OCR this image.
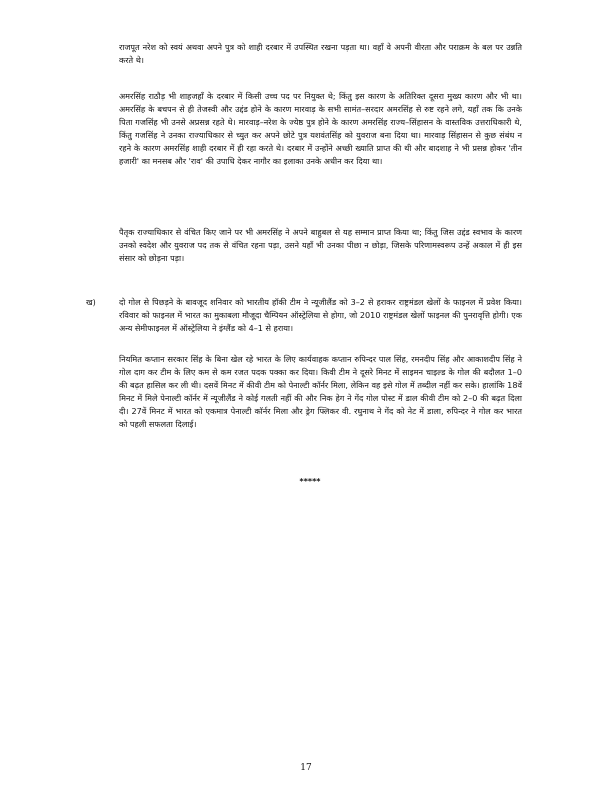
राजपूत नरेश को स्वयं अथवा अपने पुत्र को शाही दरबार में उपस्थित रखना पड़ता था। वहाँ वे अपनी वीरता और पराक्रम के बल पर उन्नति करते थे।

अमरसिंह राठौड़ भी शाहजहाँ के दरबार में किसी उच्च पद पर नियुक्त थे; किंतु इस कारण के अतिरिक्त दूसरा मुख्य कारण और भी था। अमरसिंह के बचपन से ही तेजस्वी और उद्दंड होने के कारण मारवाड़ के सभी सामंत–सरदार अमरसिंह से रुष्ट रहने लगे, यहाँ तक कि उनके पिता गजसिंह भी उनसे अप्रसन्न रहते थे। मारवाड़–नरेश के ज्येष्ठ पुत्र होने के कारण अमरसिंह राज्य–सिंहासन के वास्तविक उत्तराधिकारी थे, किंतु गजसिंह ने उनका राज्याधिकार से च्युत कर अपने छोटे पुत्र यशवंतसिंह को युवराज बना दिया था। मारवाड़ सिंहासन से कुछ संबंध न रहने के कारण अमरसिंह शाही दरबार में ही रहा करते थे। दरबार में उन्होंने अच्छी ख्याति प्राप्त की थी और बादशाह ने भी प्रसन्न होकर 'तीन हजारी' का मनसब और 'राव' की उपाधि देकर नागौर का इलाका उनके अधीन कर दिया था।

पैतृक राज्याधिकार से वंचित किए जाने पर भी अमरसिंह ने अपने बाहुबल से यह सम्मान प्राप्त किया था; किंतु जिस उद्दंड स्वभाव के कारण उनको स्वदेश और युवराज पद तक से वंचित रहना पड़ा, उसने यहाँ भी उनका पीछा न छोड़ा, जिसके परिणामस्वरूप उन्हें अकाल में ही इस संसार को छोड़ना पड़ा।

ख)	दो गोल से पिछड़ने के बावजूद शनिवार को भारतीय हॉकी टीम ने न्यूजीलैंड को 3–2 से हराकर राष्ट्रमंडल खेलों के फाइनल में प्रवेश किया। रविवार को फाइनल में भारत का मुकाबला मौजूदा चैम्पियन ऑस्ट्रेलिया से होगा, जो 2010 राष्ट्रमंडल खेलों फाइनल की पुनरावृत्ति होगी। एक अन्य सेमीफाइनल में ऑस्ट्रेलिया ने इंग्लैंड को 4–1 से हराया।

नियमित कप्तान सरकार सिंह के बिना खेल रहे भारत के लिए कार्यवाहक कप्तान रुपिन्दर पाल सिंह, रमनदीप सिंह और आकाशदीप सिंह ने गोल दाग कर टीम के लिए कम से कम रजत पदक पक्का कर दिया। किवी टीम ने दूसरे मिनट में साइमन चाइल्ड के गोल की बदौलत 1–0 की बढ़त हासिल कर ली थी। दसवें मिनट में कीवी टीम को पेनाल्टी कॉर्नर मिला, लेकिन वह इसे गोल में तब्दील नहीं कर सके। हालांकि 18वें मिनट में मिले पेनाल्टी कॉर्नर में न्यूजीलैंड ने कोई गलती नहीं की और निक हेग ने गेंद गोल पोस्ट में डाल कीवी टीम को 2–0 की बढ़त दिला दी। 27वें मिनट में भारत को एकमात्र पेनाल्टी कॉर्नर मिला और ड्रेग फ्लिकर वी. रघुनाथ ने गेंद को नेट में डाला, रुपिन्दर ने गोल कर भारत को पहली सफलता दिलाई।

*****

17
